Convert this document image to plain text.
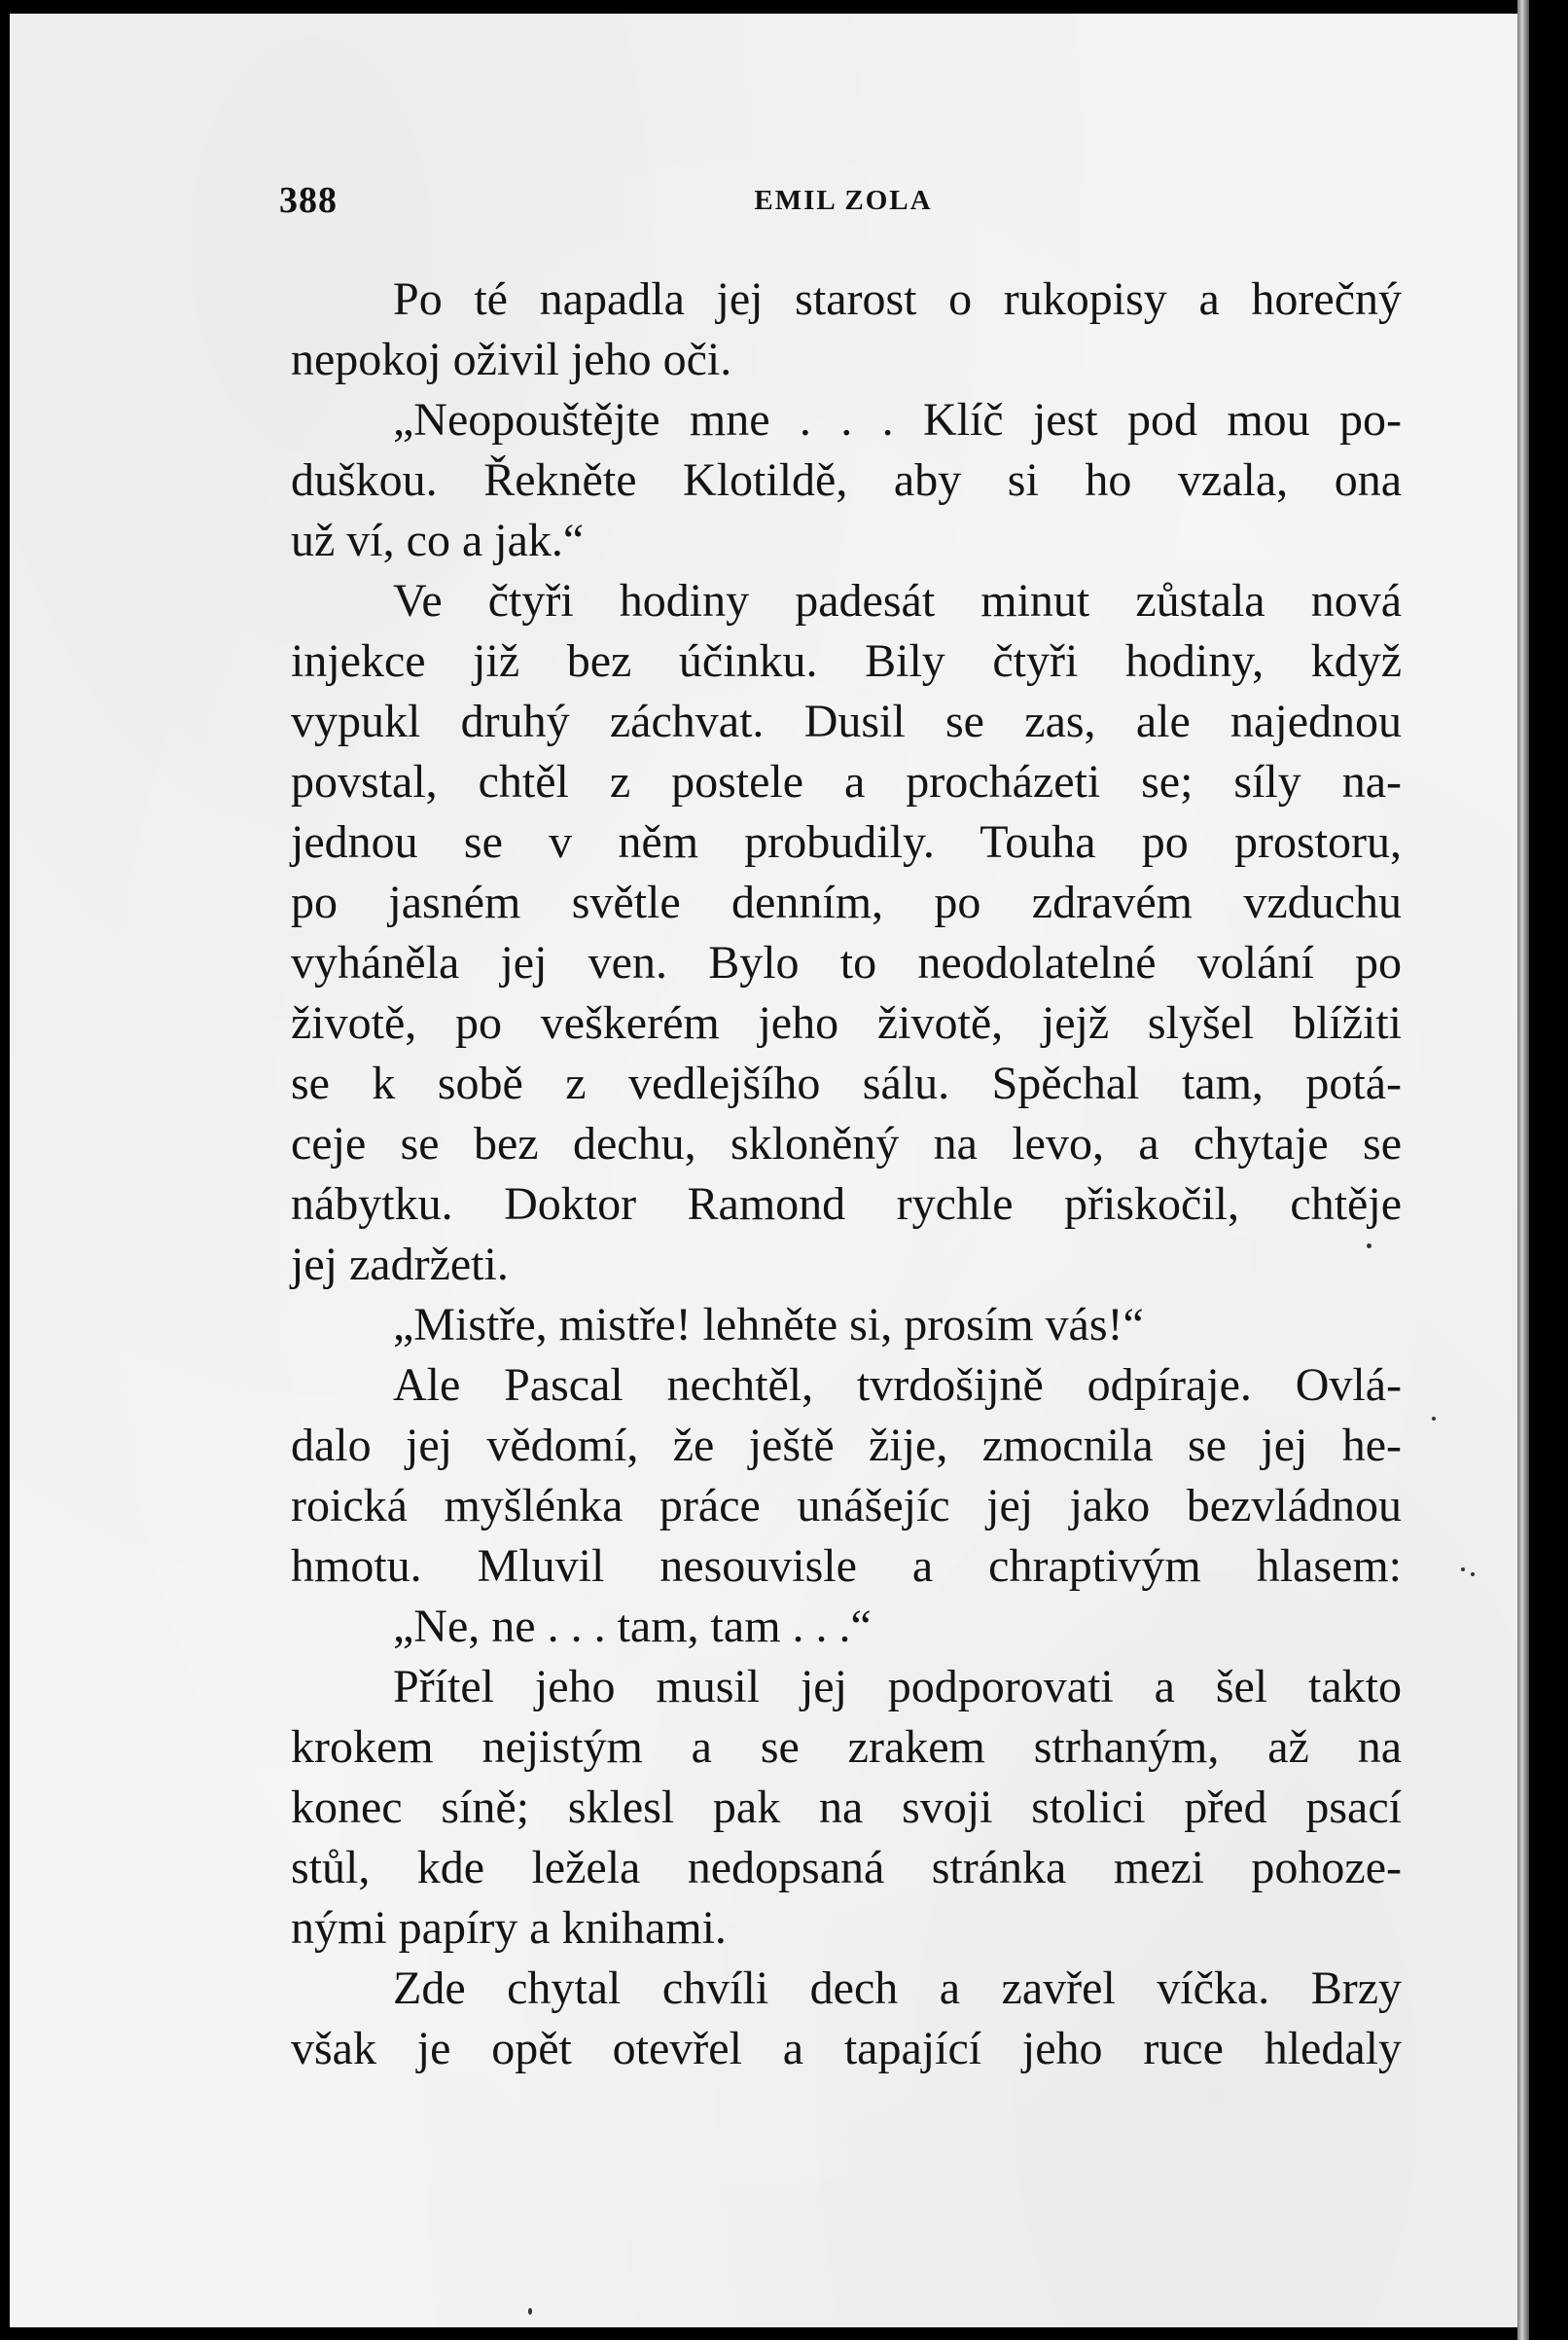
388	EMIL ZOLA
Po té napadla jej starost o rukopisy a horečný
nepokoj oživil jeho oči.
„Neopouštějte mne . . . Klíč jest pod mou po-
duškou. Řekněte Klotildě, aby si ho vzala, ona
už ví, co a jak.“
Ve čtyři hodiny padesát minut zůstala nová
injekce již bez účinku. Bily čtyři hodiny, když
vypukl druhý záchvat. Dusil se zas, ale najednou
povstal, chtěl z postele a procházeti se; síly na-
jednou se v něm probudily. Touha po prostoru,
po jasném světle denním, po zdravém vzduchu
vyháněla jej ven. Bylo to neodolatelné volání po
životě, po veškerém jeho životě, jejž slyšel blížiti
se k sobě z vedlejšího sálu. Spěchal tam, potá-
ceje se bez dechu, skloněný na levo, a chytaje se
nábytku. Doktor Ramond rychle přiskočil, chtěje
jej zadržeti.
„Mistře, mistře! lehněte si, prosím vás!“
Ale Pascal nechtěl, tvrdošijně odpíraje. Ovlá-
dalo jej vědomí, že ještě žije, zmocnila se jej he-
roická myšlénka práce unášejíc jej jako bezvládnou
hmotu. Mluvil nesouvisle a chraptivým hlasem:
„Ne, ne . . . tam, tam . . .“
Přítel jeho musil jej podporovati a šel takto
krokem nejistým a se zrakem strhaným, až na
konec síně; sklesl pak na svoji stolici před psací
stůl, kde ležela nedopsaná stránka mezi pohoze-
nými papíry a knihami.
Zde chytal chvíli dech a zavřel víčka. Brzy
však je opět otevřel a tapající jeho ruce hledaly
